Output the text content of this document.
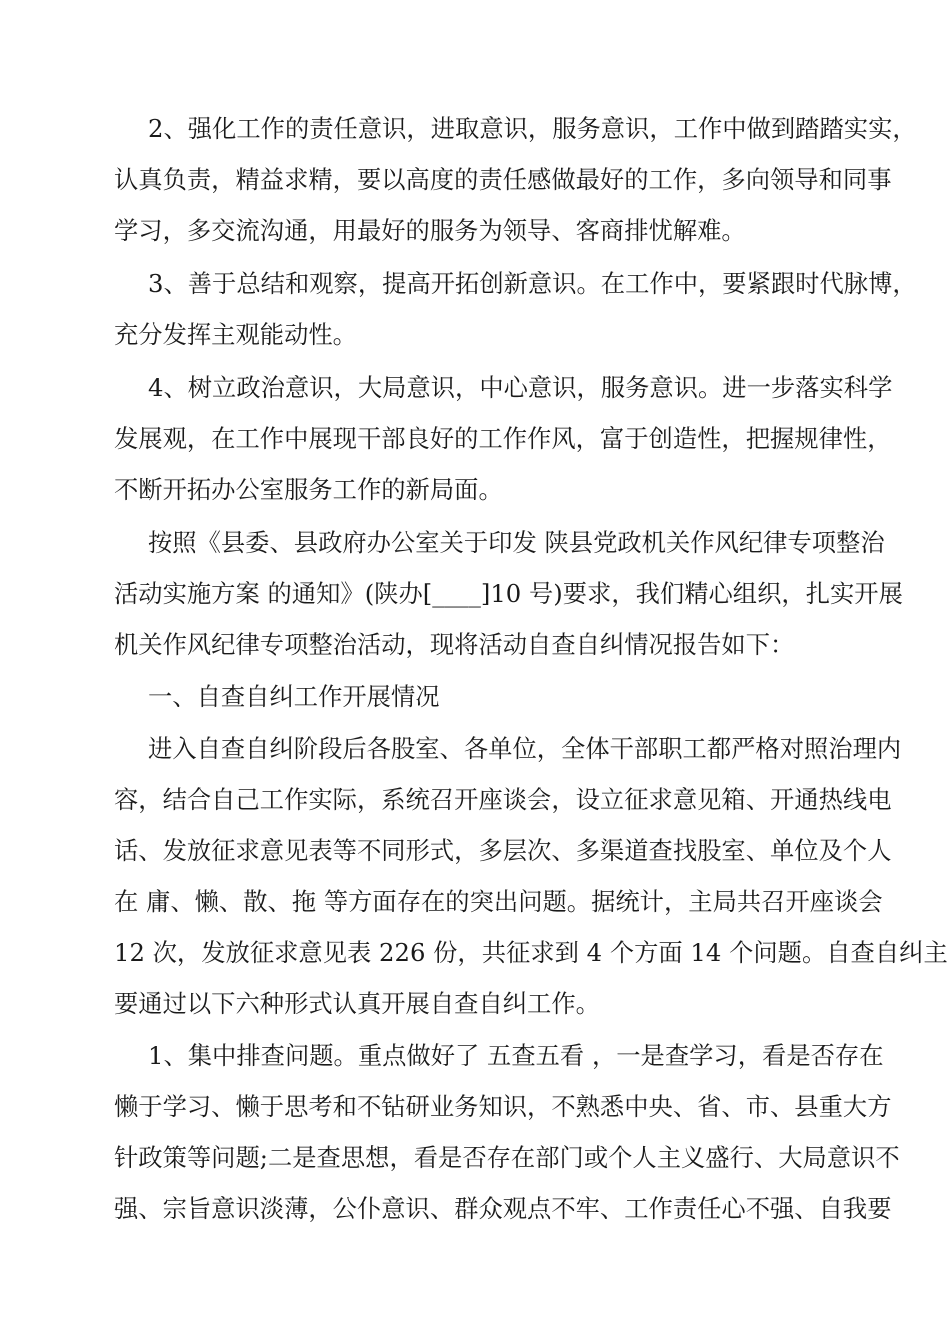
2、强化工作的责任意识，进取意识，服务意识，工作中做到踏踏实实，
认真负责，精益求精，要以高度的责任感做最好的工作，多向领导和同事
学习，多交流沟通，用最好的服务为领导、客商排忧解难。
3、善于总结和观察，提高开拓创新意识。在工作中，要紧跟时代脉博，
充分发挥主观能动性。
4、树立政治意识，大局意识，中心意识，服务意识。进一步落实科学
发展观，在工作中展现干部良好的工作作风，富于创造性，把握规律性，
不断开拓办公室服务工作的新局面。
按照《县委、县政府办公室关于印发 陕县党政机关作风纪律专项整治
活动实施方案 的通知》(陕办[____]10 号)要求，我们精心组织，扎实开展
机关作风纪律专项整治活动，现将活动自查自纠情况报告如下：
一、自查自纠工作开展情况
进入自查自纠阶段后各股室、各单位，全体干部职工都严格对照治理内
容，结合自己工作实际，系统召开座谈会，设立征求意见箱、开通热线电
话、发放征求意见表等不同形式，多层次、多渠道查找股室、单位及个人
在 庸、懒、散、拖 等方面存在的突出问题。据统计，主局共召开座谈会
12 次，发放征求意见表 226 份，共征求到 4 个方面 14 个问题。自查自纠主
要通过以下六种形式认真开展自查自纠工作。
1、集中排查问题。重点做好了 五查五看 ，一是查学习，看是否存在
懒于学习、懒于思考和不钻研业务知识，不熟悉中央、省、市、县重大方
针政策等问题;二是查思想，看是否存在部门或个人主义盛行、大局意识不
强、宗旨意识淡薄，公仆意识、群众观点不牢、工作责任心不强、自我要
